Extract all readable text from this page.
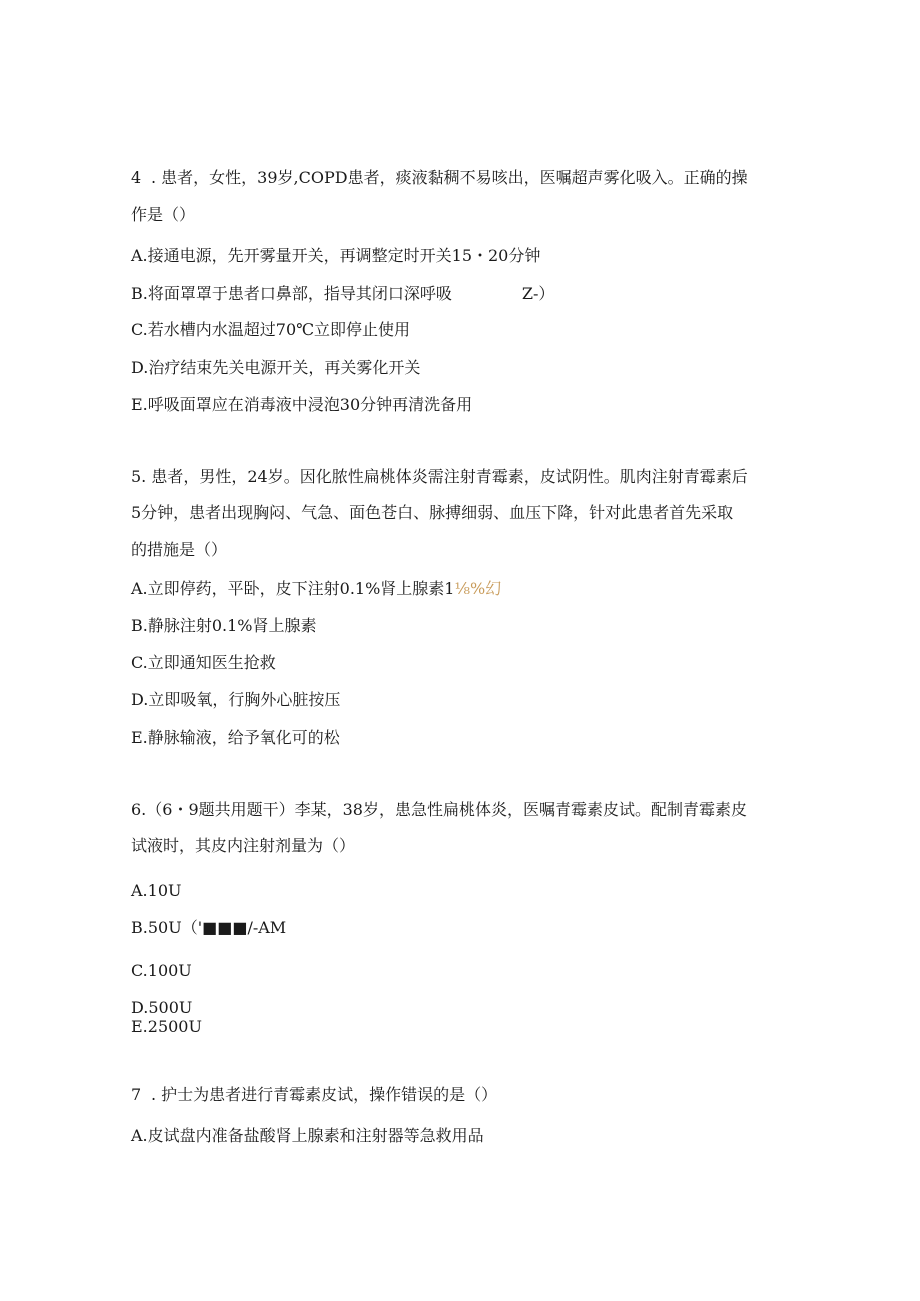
4 . 患者，女性，39岁,COPD患者，痰液黏稠不易咳出，医嘱超声雾化吸入。正确的操
作是（）
A.接通电源，先开雾量开关，再调整定时开关15・20分钟
B.将面罩罩于患者口鼻部，指导其闭口深呼吸	Z-）
C.若水槽内水温超过70℃立即停止使用
D.治疗结束先关电源开关，再关雾化开关
E.呼吸面罩应在消毒液中浸泡30分钟再清洗备用
5. 患者，男性，24岁。因化脓性扁桃体炎需注射青霉素，皮试阴性。肌肉注射青霉素后
5分钟，患者出现胸闷、气急、面色苍白、脉搏细弱、血压下降，针对此患者首先采取
的措施是（）
A.立即停药，平卧，皮下注射0.1%肾上腺素1⅛%幻
B.静脉注射0.1%肾上腺素
C.立即通知医生抢救
D.立即吸氧，行胸外心脏按压
E.静脉输液，给予氧化可的松
6.（6・9题共用题干）李某，38岁，患急性扁桃体炎，医嘱青霉素皮试。配制青霉素皮
试液时，其皮内注射剂量为（）
A.10U
B.50U（'■■■/-AM
C.100U
D.500U
E.2500U
7 . 护士为患者进行青霉素皮试，操作错误的是（）
A.皮试盘内准备盐酸肾上腺素和注射器等急救用品
